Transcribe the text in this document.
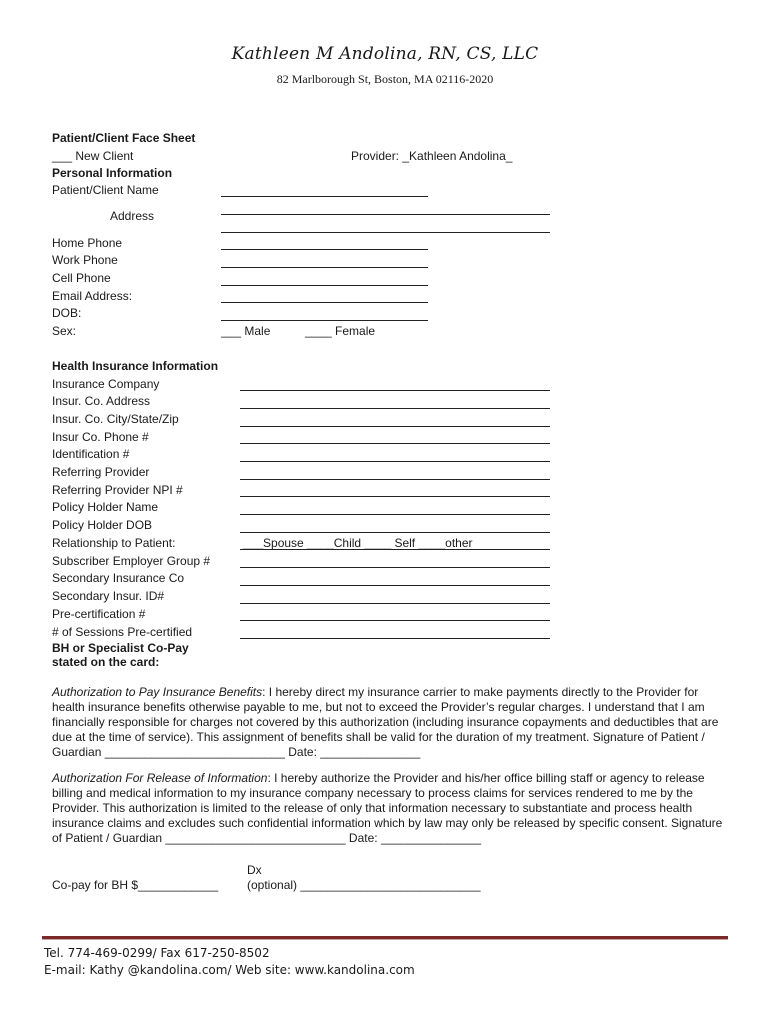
Kathleen M Andolina, RN, CS, LLC
82 Marlborough St, Boston, MA 02116-2020
Patient/Client Face Sheet
___ New Client	Provider: _Kathleen Andolina_
Personal Information
Patient/Client Name
Address
Home Phone
Work Phone
Cell Phone
Email Address:
DOB:
Sex:	___ Male	____ Female
Health Insurance Information
Insurance Company
Insur. Co. Address
Insur. Co. City/State/Zip
Insur Co. Phone #
Identification #
Referring Provider
Referring Provider NPI #
Policy Holder Name
Policy Holder DOB
Relationship to Patient:	___Spouse ____Child ____ Self ____other
Subscriber Employer Group #
Secondary Insurance Co
Secondary Insur. ID#
Pre-certification #
# of Sessions Pre-certified
BH or Specialist Co-Pay
stated on the card:
Authorization to Pay Insurance Benefits: I hereby direct my insurance carrier to make payments directly to the Provider for health insurance benefits otherwise payable to me, but not to exceed the Provider’s regular charges. I understand that I am financially responsible for charges not covered by this authorization (including insurance copayments and deductibles that are due at the time of service). This assignment of benefits shall be valid for the duration of my treatment. Signature of Patient / Guardian ___________________________ Date: _______________
Authorization For Release of Information: I hereby authorize the Provider and his/her office billing staff or agency to release billing and medical information to my insurance company necessary to process claims for services rendered to me by the Provider. This authorization is limited to the release of only that information necessary to substantiate and process health insurance claims and excludes such confidential information which by law may only be released by specific consent. Signature of Patient / Guardian ___________________________ Date: _______________
Co-pay for BH $____________
Dx
(optional) ___________________________
Tel. 774-469-0299/ Fax 617-250-8502
E-mail: Kathy @kandolina.com/ Web site: www.kandolina.com
